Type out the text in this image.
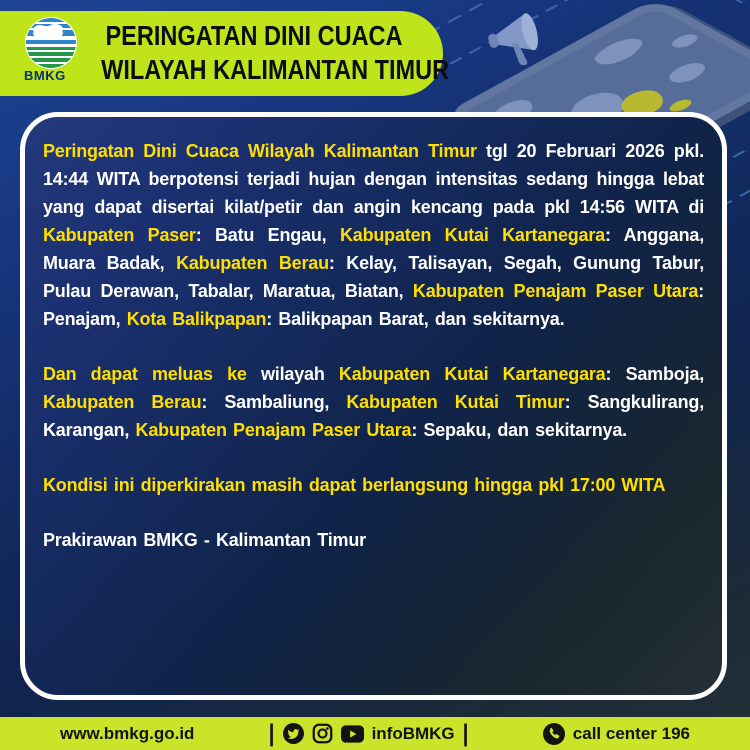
BMKG
PERINGATAN DINI CUACA
WILAYAH KALIMANTAN TIMUR

Peringatan Dini Cuaca Wilayah Kalimantan Timur tgl 20 Februari 2026 pkl. 14:44 WITA berpotensi terjadi hujan dengan intensitas sedang hingga lebat yang dapat disertai kilat/petir dan angin kencang pada pkl 14:56 WITA di Kabupaten Paser: Batu Engau, Kabupaten Kutai Kartanegara: Anggana, Muara Badak, Kabupaten Berau: Kelay, Talisayan, Segah, Gunung Tabur, Pulau Derawan, Tabalar, Maratua, Biatan, Kabupaten Penajam Paser Utara: Penajam, Kota Balikpapan: Balikpapan Barat, dan sekitarnya.

Dan dapat meluas ke wilayah Kabupaten Kutai Kartanegara: Samboja, Kabupaten Berau: Sambaliung, Kabupaten Kutai Timur: Sangkulirang, Karangan, Kabupaten Penajam Paser Utara: Sepaku, dan sekitarnya.

Kondisi ini diperkirakan masih dapat berlangsung hingga pkl 17:00 WITA

Prakirawan BMKG - Kalimantan Timur

www.bmkg.go.id	|	infoBMKG |	call center 196
